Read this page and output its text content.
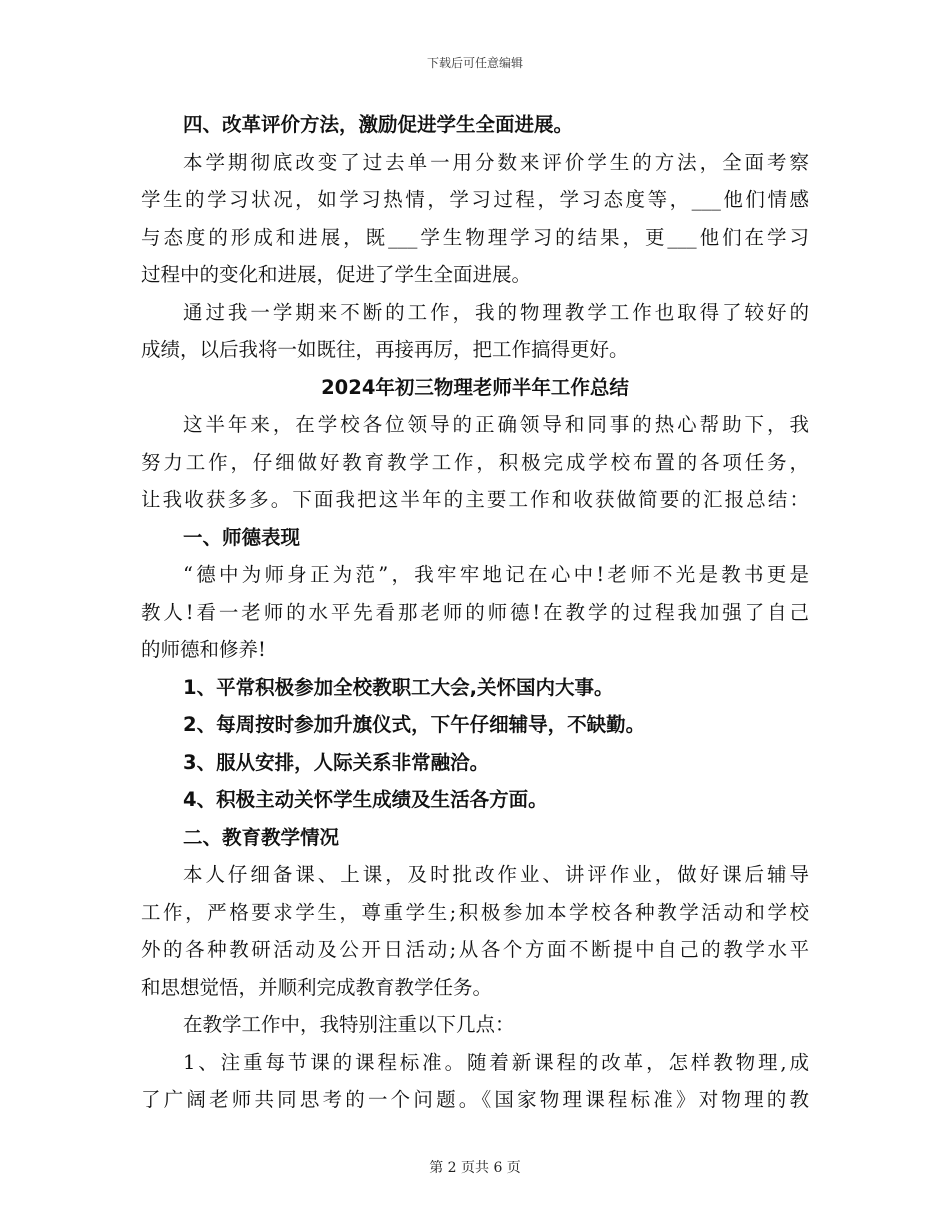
下载后可任意编辑
四、改革评价方法，激励促进学生全面进展。
本学期彻底改变了过去单一用分数来评价学生的方法，全面考察
学生的学习状况，如学习热情，学习过程，学习态度等，___他们情感
与态度的形成和进展，既___学生物理学习的结果，更___他们在学习
过程中的变化和进展，促进了学生全面进展。
通过我一学期来不断的工作，我的物理教学工作也取得了较好的
成绩，以后我将一如既往，再接再厉，把工作搞得更好。
2024年初三物理老师半年工作总结
这半年来，在学校各位领导的正确领导和同事的热心帮助下，我
努力工作，仔细做好教育教学工作，积极完成学校布置的各项任务，
让我收获多多。下面我把这半年的主要工作和收获做简要的汇报总结：
一、师德表现
“德中为师身正为范”，我牢牢地记在心中!老师不光是教书更是
教人!看一老师的水平先看那老师的师德!在教学的过程我加强了自己
的师德和修养!
1、平常积极参加全校教职工大会,关怀国内大事。
2、每周按时参加升旗仪式，下午仔细辅导，不缺勤。
3、服从安排，人际关系非常融洽。
4、积极主动关怀学生成绩及生活各方面。
二、教育教学情况
本人仔细备课、上课，及时批改作业、讲评作业，做好课后辅导
工作，严格要求学生，尊重学生;积极参加本学校各种教学活动和学校
外的各种教研活动及公开日活动;从各个方面不断提中自己的教学水平
和思想觉悟，并顺利完成教育教学任务。
在教学工作中，我特别注重以下几点：
1、注重每节课的课程标准。随着新课程的改革，怎样教物理,成
了广阔老师共同思考的一个问题。《国家物理课程标准》对物理的教
第 2 页共 6 页
